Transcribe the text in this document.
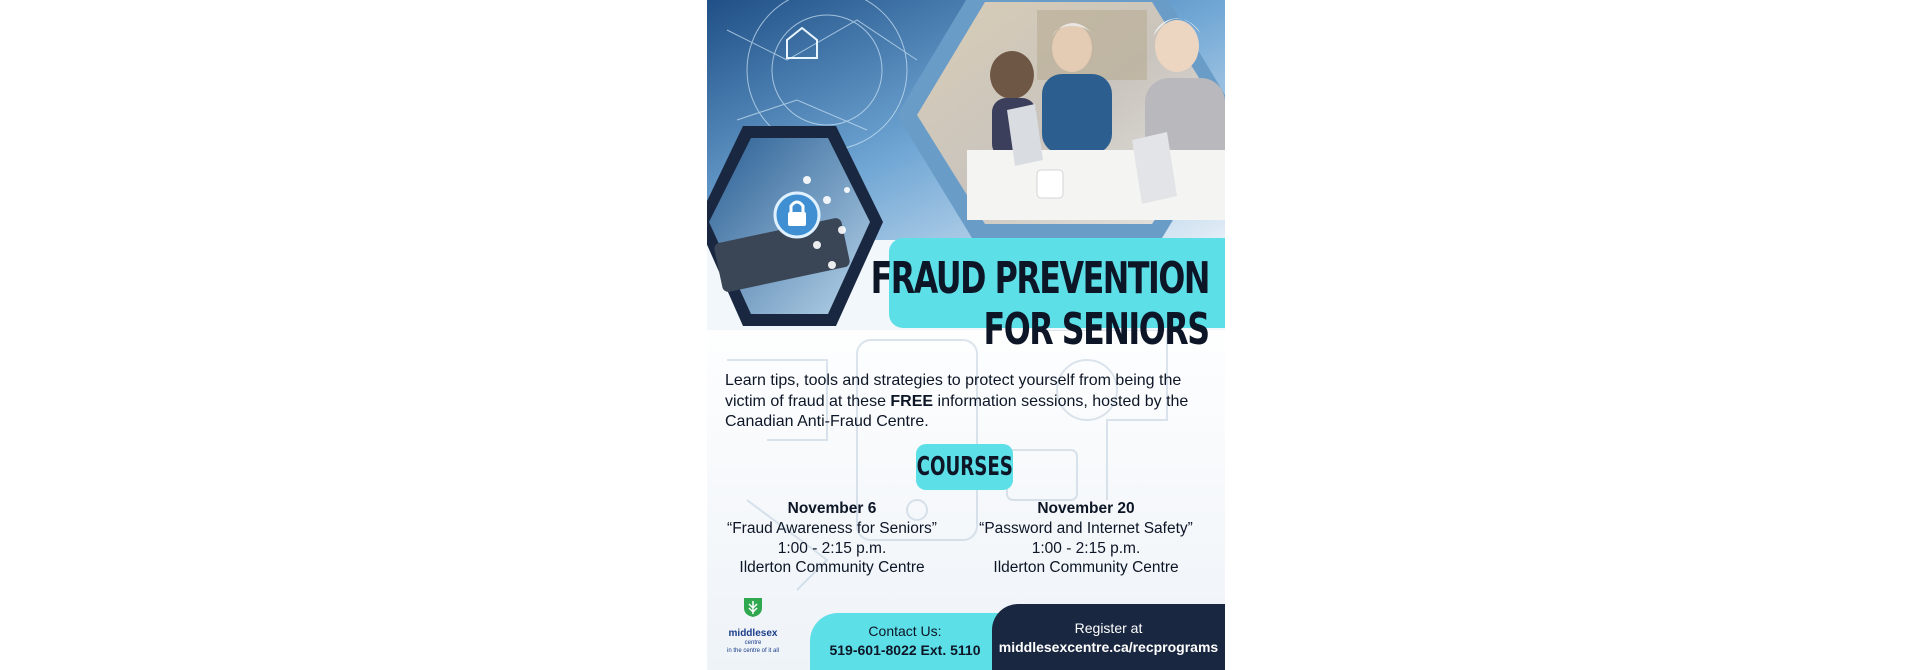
FRAUD PREVENTION
FOR SENIORS
Learn tips, tools and strategies to protect yourself from being the victim of fraud at these FREE information sessions, hosted by the Canadian Anti-Fraud Centre.
COURSES
November 6
“Fraud Awareness for Seniors”
1:00 - 2:15 p.m.
Ilderton Community Centre
November 20
“Password and Internet Safety”
1:00 - 2:15 p.m.
Ilderton Community Centre
middlesex
centre
in the centre of it all
Contact Us:
519-601-8022 Ext. 5110
Register at
middlesexcentre.ca/recprograms
